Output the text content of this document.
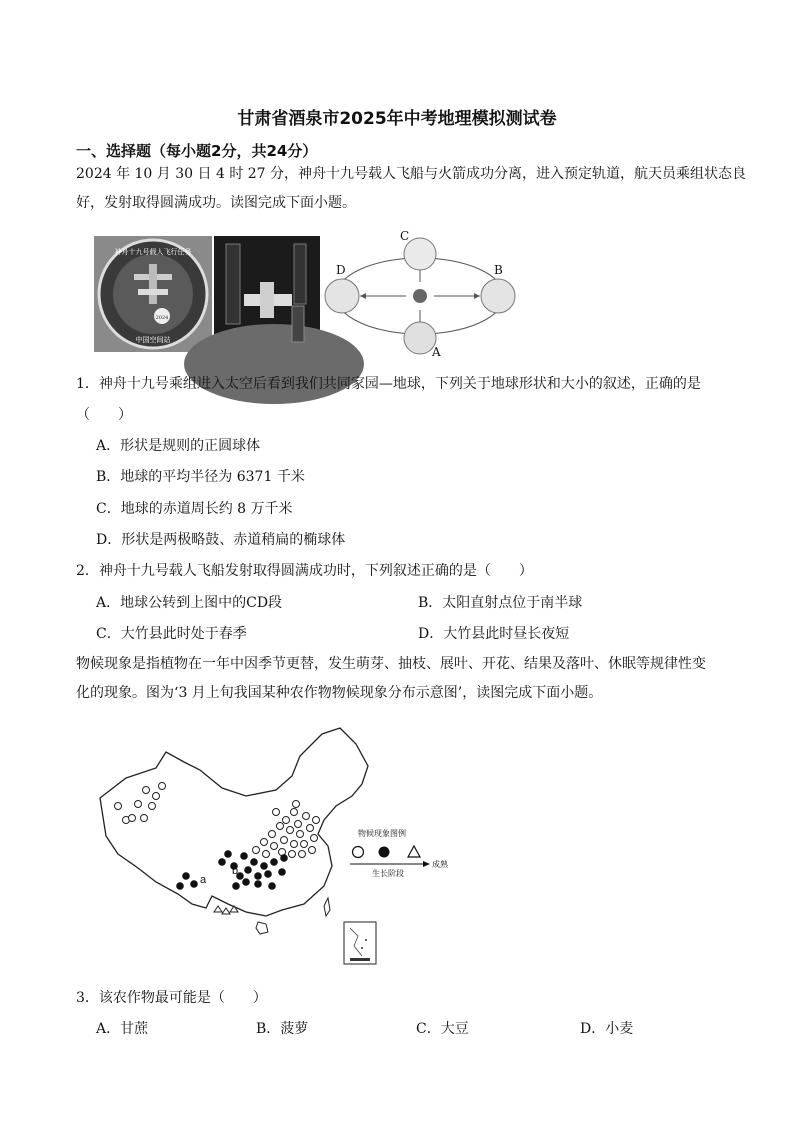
甘肃省酒泉市2025年中考地理模拟测试卷
一、选择题（每小题2分，共24分）
2024 年 10 月 30 日 4 时 27 分，神舟十九号载人飞船与火箭成功分离，进入预定轨道，航天员乘组状态良
好，发射取得圆满成功。读图完成下面小题。
神舟十九号载人飞行任务
中国空间站
2024
C
D	B
A
1．神舟十九号乘组进入太空后看到我们共同家园—地球，下列关于地球形状和大小的叙述，正确的是
（　　）
A．形状是规则的正圆球体
B．地球的平均半径为 6371 千米
C．地球的赤道周长约 8 万千米
D．形状是两极略鼓、赤道稍扁的椭球体
2．神舟十九号载人飞船发射取得圆满成功时，下列叙述正确的是（　　）
A．地球公转到上图中的CD段	B．太阳直射点位于南半球
C．大竹县此时处于春季	D．大竹县此时昼长夜短
物候现象是指植物在一年中因季节更替，发生萌芽、抽枝、展叶、开花、结果及落叶、休眠等规律性变
化的现象。图为‘3 月上旬我国某种农作物物候现象分布示意图’，读图完成下面小题。
a
b
物候现象图例
成熟
生长阶段
3．该农作物最可能是（　　）
A．甘蔗	B．菠萝	C．大豆	D．小麦
